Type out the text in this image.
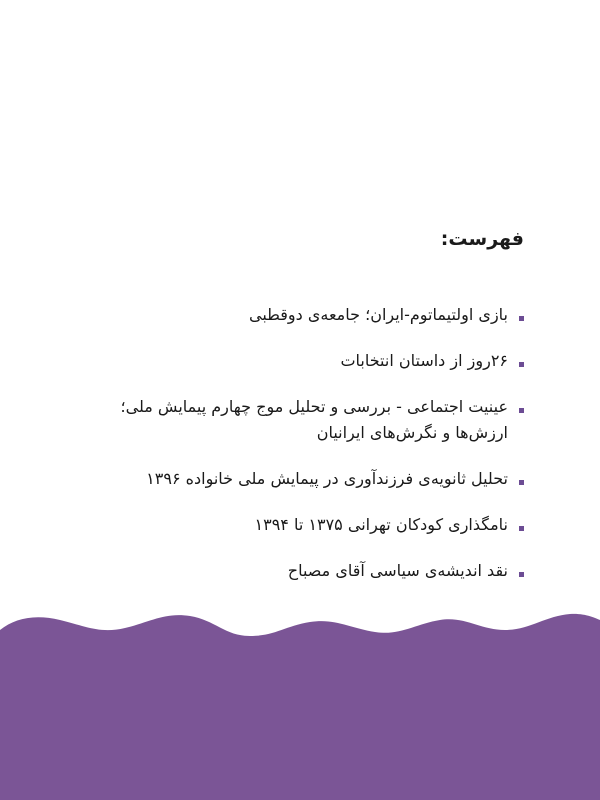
فهرست:
بازی اولتیماتوم-ایران؛ جامعه‌ی دوقطبی
۲۶روز از داستان انتخابات
عینیت اجتماعی - بررسی و تحلیل موج چهارم پیمایش ملی؛
ارزش‌ها و نگرش‌های ایرانیان
تحلیل ثانویه‌ی فرزندآوری در پیمایش ملی خانواده ۱۳۹۶
نامگذاری کودکان تهرانی ۱۳۷۵ تا ۱۳۹۴
نقد اندیشه‌ی سیاسی آقای مصباح
